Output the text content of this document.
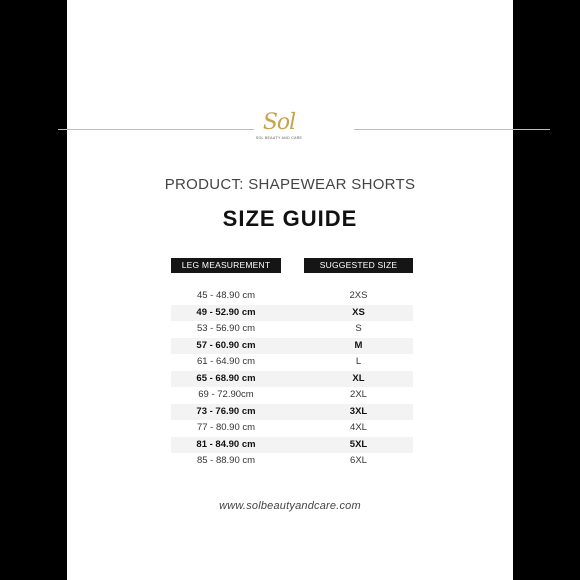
Sol
SOL BEAUTY AND CARE
PRODUCT: SHAPEWEAR SHORTS
SIZE GUIDE
LEG MEASUREMENT	SUGGESTED SIZE
45 - 48.90 cm	2XS
49 - 52.90 cm	XS
53 - 56.90 cm	S
57 - 60.90 cm	M
61 - 64.90 cm	L
65 - 68.90 cm	XL
69 - 72.90cm	2XL
73 - 76.90 cm	3XL
77 - 80.90 cm	4XL
81 - 84.90 cm	5XL
85 - 88.90 cm	6XL
www.solbeautyandcare.com
